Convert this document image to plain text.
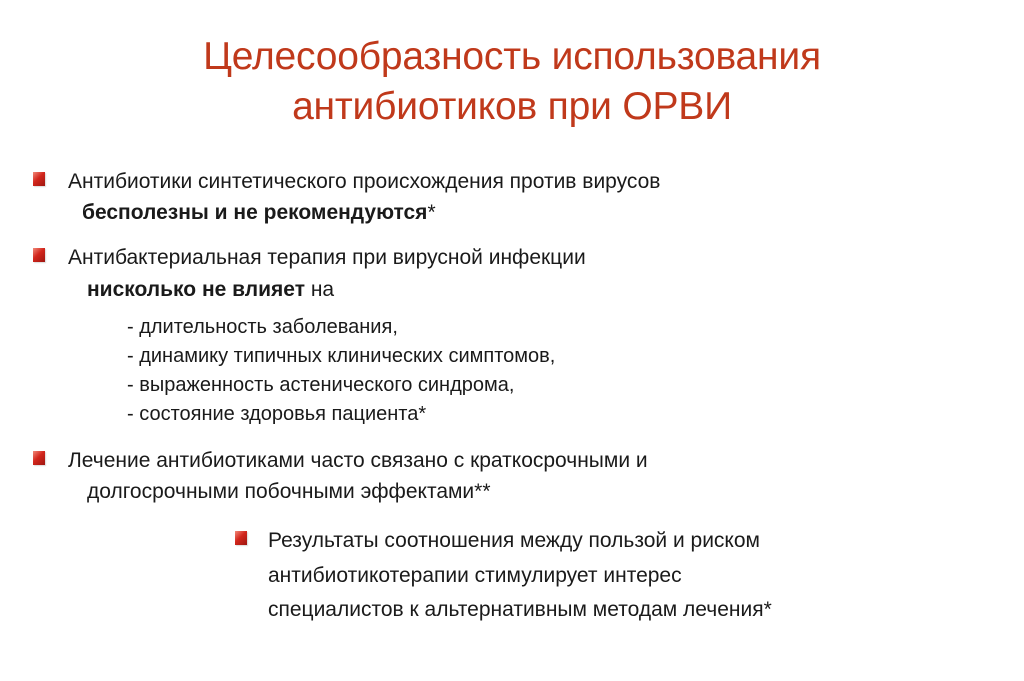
Целесообразность использования
антибиотиков при ОРВИ
Антибиотики синтетического происхождения против вирусов
бесполезны и не рекомендуются*
Антибактериальная терапия при вирусной инфекции
нисколько не влияет на
- длительность заболевания,
- динамику типичных клинических симптомов,
- выраженность астенического синдрома,
- состояние здоровья пациента*
Лечение антибиотиками часто связано с краткосрочными и
долгосрочными побочными эффектами**
Результаты соотношения между пользой и риском
антибиотикотерапии стимулирует интерес
специалистов к альтернативным методам лечения*
